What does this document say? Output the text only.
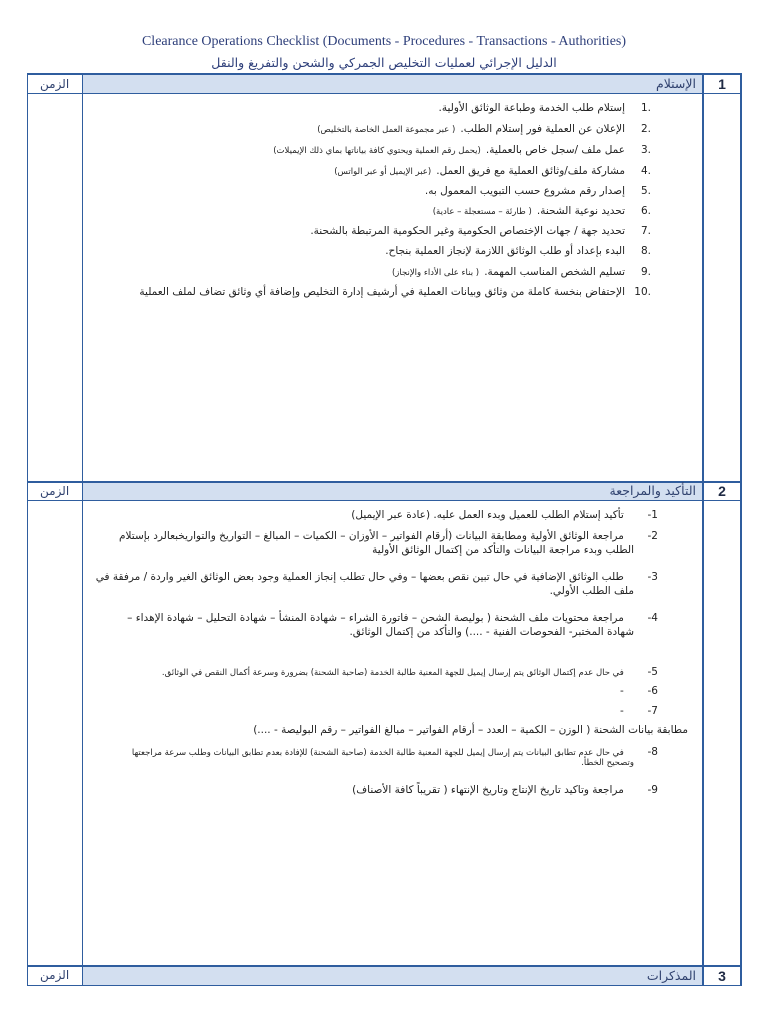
Clearance Operations Checklist (Documents - Procedures - Transactions - Authorities)
الدليل الإجرائي لعمليات التخليص الجمركي والشحن والتفريغ والنقل
1
الإستلام
الزمن
1.إستلام طلب الخدمة وطباعة الوثائق الأولية.
2.الإعلان عن العملية فور إستلام الطلب. ( عبر مجموعة العمل الخاصة بالتخليص)
3.عمل ملف /سجل خاص بالعملية. (يحمل رقم العملية ويحتوي كافة بياناتها بماي ذلك الإيميلات)
4.مشاركة ملف/وثائق العملية مع فريق العمل. (عبر الإيميل أو عبر الواتس)
5.إصدار رقم مشروع حسب التبويب المعمول به.
6.تحديد نوعية الشحنة. ( طارئة – مستعجلة – عادية)
7.تحديد جهة / جهات الإختصاص الحكومية وغير الحكومية المرتبطة بالشحنة.
8.البدء بإعداد أو طلب الوثائق اللازمة لإنجاز العملية بنجاح.
9.تسليم الشخص المناسب المهمة. ( بناء على الأداء والإنجاز)
10.الإحتفاض بنخسة كاملة من وثائق وبيانات العملية في أرشيف إدارة التخليص وإضافة أي وثائق تضاف لملف العملية
2
التأكيد والمراجعة
الزمن
-1  تأكيد إستلام الطلب للعميل وبدء العمل عليه. (عادة عبر الإيميل)
-2  مراجعة الوثائق الأولية ومطابقة البيانات (أرقام الفواتير – الأوزان – الكميات – المبالغ – التواريخ والتواريخبعالرد بإستلام
الطلب وبدء مراجعة البيانات والتأكد من إكتمال الوثائق الأولية
-3  طلب الوثائق الإضافية في حال تبين نقص بعضها – وفي حال تطلب إنجاز العملية وجود بعض الوثائق الغير واردة / مرفقة في
ملف الطلب الأولي.
-4  مراجعة محتويات ملف الشحنة ( بوليصة الشحن – فاتورة الشراء – شهادة المنشأ – شهادة التحليل – شهادة الإهداء –
شهادة المختبر- الفحوصات الفنية - ....) والتأكد من إكتمال الوثائق.
-5  في حال عدم إكتمال الوثائق يتم إرسال إيميل للجهة المعنية طالبة الخدمة (صاحبة الشحنة) بضرورة وسرعة أكمال النقص في الوثائق.
-6  -
-7  -
مطابقة بيانات الشحنة ( الوزن – الكمية – العدد – أرقام الفواتير – مبالغ الفواتير – رقم البوليصة - ....)
-8  في حال عدم تطابق البيانات يتم إرسال إيميل للجهة المعنية طالبة الخدمة (صاحبة الشحنة) للإفادة بعدم تطابق البيانات وطلب سرعة مراجعتها
وتصحيح الخطأ.
-9  مراجعة وتاكيد تاريخ الإنتاج وتاريخ الإنتهاء ( تقريباً كافة الأصناف)
3
المذكرات
الزمن
